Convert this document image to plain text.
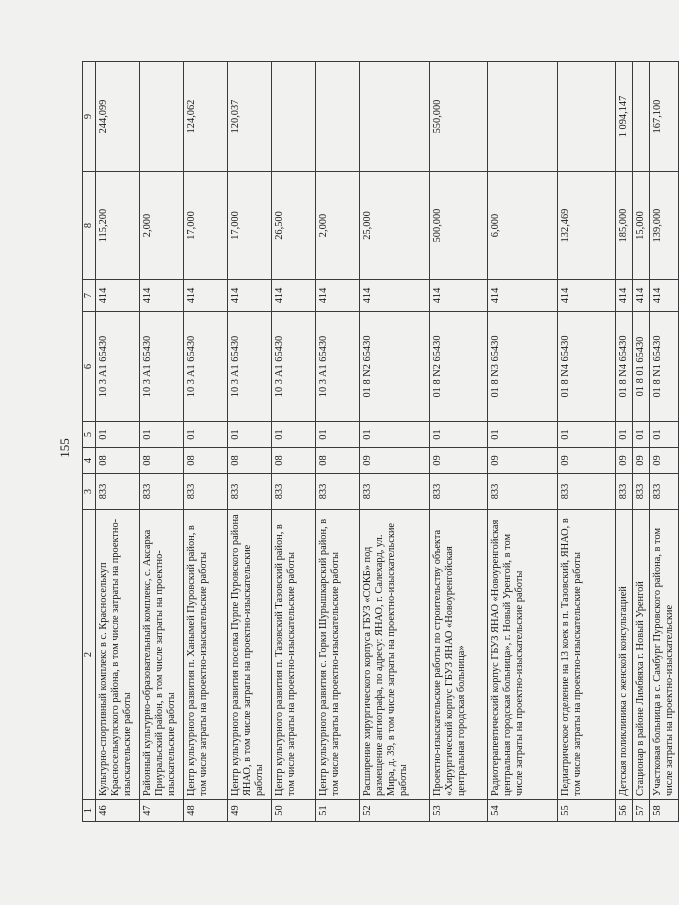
155
1	2	3	4	5	6	7	8	9
46	Культурно-спортивный комплекс в с. Красноселькуп Красноселькупского района, в том числе затраты на проектно-изыскательские работы	833	08	01	10 3 A1 65430	414	115,200	244,099
47	Районный культурно-образовательный комплекс, с. Аксарка Приуральский район, в том числе затраты на проектно-изыскательские работы	833	08	01	10 3 A1 65430	414	2,000	
48	Центр культурного развития п. Ханымей Пуровский район, в том числе затраты на проектно-изыскательские работы	833	08	01	10 3 A1 65430	414	17,000	124,062
49	Центр культурного развития поселка Пурпе Пуровского района ЯНАО, в том числе затраты на проектно-изыскательские работы	833	08	01	10 3 A1 65430	414	17,000	120,037
50	Центр культурного развития п. Тазовский Тазовский район, в том числе затраты на проектно-изыскательские работы	833	08	01	10 3 A1 65430	414	26,500	
51	Центр культурного развития с. Горки Шурышкарский район, в том числе затраты на проектно-изыскательские работы	833	08	01	10 3 A1 65430	414	2,000	
52	Расширение хирургического корпуса ГБУЗ «СОКБ» под размещение ангиографа, по адресу: ЯНАО, г. Салехард, ул. Мира, д. 39, в том числе затраты на проектно-изыскательские работы	833	09	01	01 8 N2 65430	414	25,000	
53	Проектно-изыскательские работы по строительству объекта «Хирургический корпус ГБУЗ ЯНАО «Новоуренгойская центральная городская больница»	833	09	01	01 8 N2 65430	414	500,000	550,000
54	Радиотерапевтический корпус ГБУЗ ЯНАО «Новоуренгойская центральная городская больница», г. Новый Уренгой, в том числе затраты на проектно-изыскательские работы	833	09	01	01 8 N3 65430	414	6,000	
55	Педиатрическое отделение на 13 коек в п. Тазовский, ЯНАО, в том числе затраты на проектно-изыскательские работы	833	09	01	01 8 N4 65430	414	132,469	
56	Детская поликлиника с женской консультацией	833	09	01	01 8 N4 65430	414	185,000	1 094,147
57	Стационар в районе Лимбяяха г. Новый Уренгой	833	09	01	01 8 01 65430	414	15,000	
58	Участковая больница в с. Самбург Пуровского района, в том числе затраты на проектно-изыскательские	833	09	01	01 8 N1 65430	414	139,000	167,100
